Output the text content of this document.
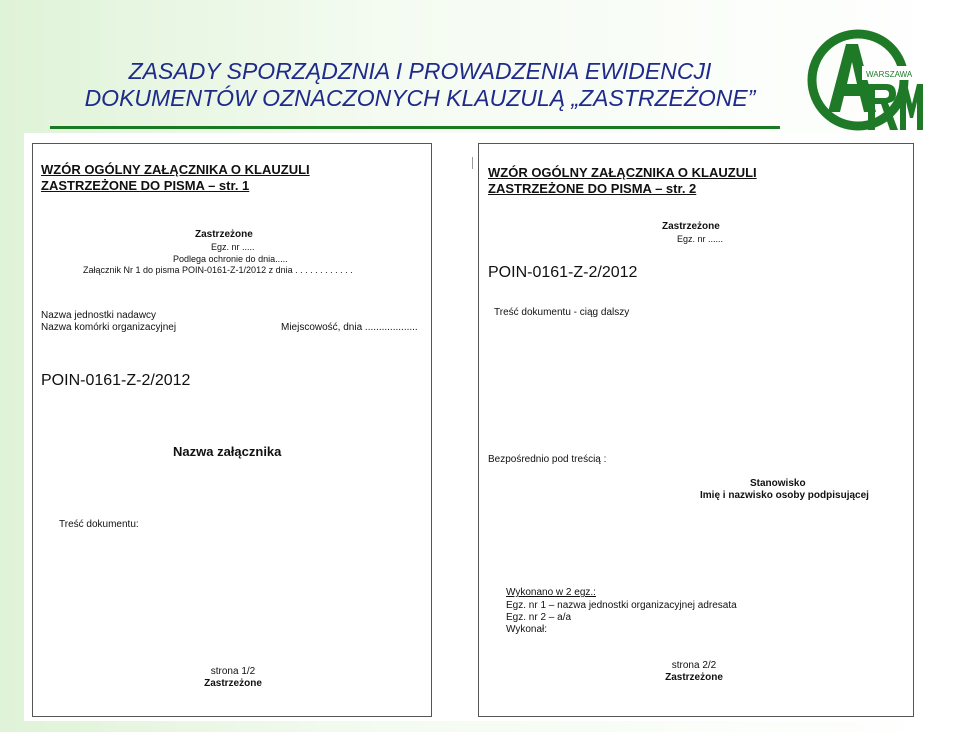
ZASADY SPORZĄDZNIA I PROWADZENIA EWIDENCJI
DOKUMENTÓW OZNACZONYCH KLAUZULĄ „ZASTRZEŻONE”
WARSZAWA
WZÓR OGÓLNY ZAŁĄCZNIKA O KLAUZULI
ZASTRZEŻONE DO PISMA – str. 1
Zastrzeżone
Egz. nr .....
Podlega ochronie do dnia.....
Załącznik Nr 1 do pisma POIN-0161-Z-1/2012 z dnia . . . . . . . . . . . .
Nazwa jednostki nadawcy
Nazwa komórki organizacyjnej	Miejscowość, dnia ...................
POIN-0161-Z-2/2012
Nazwa załącznika
Treść dokumentu:
strona 1/2
Zastrzeżone
WZÓR OGÓLNY ZAŁĄCZNIKA O KLAUZULI
ZASTRZEŻONE DO PISMA – str. 2
Zastrzeżone
Egz. nr ......
POIN-0161-Z-2/2012
Treść dokumentu - ciąg dalszy
Bezpośrednio pod treścią :
Stanowisko
Imię i nazwisko osoby podpisującej
Wykonano w 2 egz.:
Egz. nr 1 – nazwa jednostki organizacyjnej adresata
Egz. nr 2 – a/a
Wykonał:
strona 2/2
Zastrzeżone
